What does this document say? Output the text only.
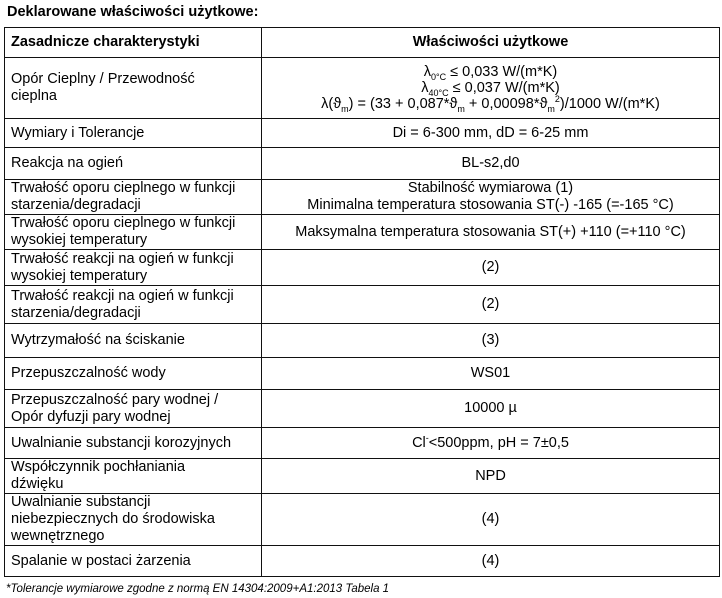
Deklarowane właściwości użytkowe:
Zasadnicze charakterystyki	Właściwości użytkowe

Opór Cieplny / Przewodność
cieplna	$\lambda_{0^\circ C} \le 0,033$ W/(m*K)
$\lambda_{40^\circ C} \le 0,037$ W/(m*K)
$\lambda(ϑ_m) = (33 + 0,087*ϑ_m + 0,00098*ϑ_m^2)/1000$ W/(m*K)

Wymiary i Tolerancje	Di = 6-300 mm, dD = 6-25 mm

Reakcja na ogień	BL-s2,d0

Trwałość oporu cieplnego w funkcji
starzenia/degradacji	Stabilność wymiarowa (1)
Minimalna temperatura stosowania ST(-) -165 (=-165 °C)

Trwałość oporu cieplnego w funkcji
wysokiej temperatury	Maksymalna temperatura stosowania ST(+) +110 (=+110 °C)

Trwałość reakcji na ogień w funkcji
wysokiej temperatury	(2)

Trwałość reakcji na ogień w funkcji
starzenia/degradacji	(2)

Wytrzymałość na ściskanie	(3)

Przepuszczalność wody	WS01

Przepuszczalność pary wodnej /
Opór dyfuzji pary wodnej	10000 µ

Uwalnianie substancji korozyjnych	Cl-<500ppm, pH = 7±0,5

Współczynnik pochłaniania
dźwięku	NPD

Uwalnianie substancji
niebezpiecznych do środowiska
wewnętrznego	(4)

Spalanie w postaci żarzenia	(4)
*Tolerancje wymiarowe zgodne z normą EN 14304:2009+A1:2013 Tabela 1
